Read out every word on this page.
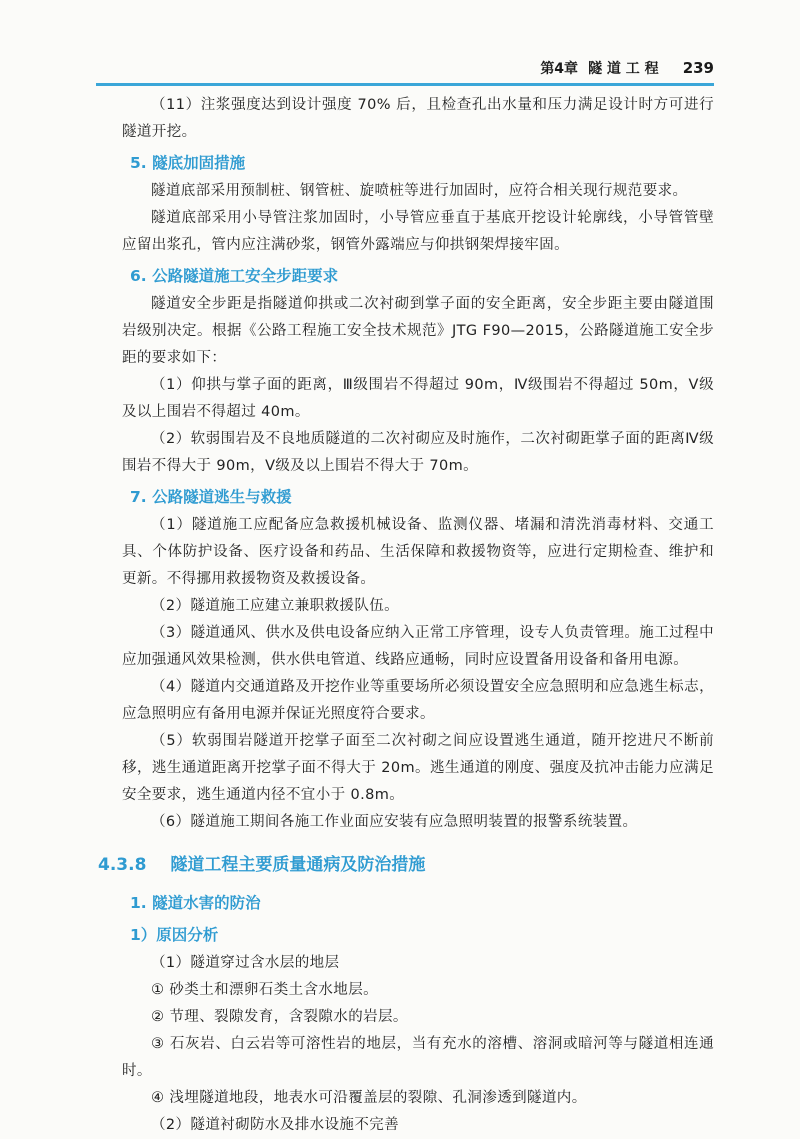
第4章 隧 道 工 程 239

（11）注浆强度达到设计强度 70% 后，且检查孔出水量和压力满足设计时方可进行隧道开挖。

5. 隧底加固措施

隧道底部采用预制桩、钢管桩、旋喷桩等进行加固时，应符合相关现行规范要求。

隧道底部采用小导管注浆加固时，小导管应垂直于基底开挖设计轮廓线，小导管管壁应留出浆孔，管内应注满砂浆，钢管外露端应与仰拱钢架焊接牢固。

6. 公路隧道施工安全步距要求

隧道安全步距是指隧道仰拱或二次衬砌到掌子面的安全距离，安全步距主要由隧道围岩级别决定。根据《公路工程施工安全技术规范》JTG F90—2015，公路隧道施工安全步距的要求如下：

（1）仰拱与掌子面的距离，Ⅲ级围岩不得超过 90m，Ⅳ级围岩不得超过 50m，Ⅴ级及以上围岩不得超过 40m。

（2）软弱围岩及不良地质隧道的二次衬砌应及时施作，二次衬砌距掌子面的距离Ⅳ级围岩不得大于 90m，Ⅴ级及以上围岩不得大于 70m。

7. 公路隧道逃生与救援

（1）隧道施工应配备应急救援机械设备、监测仪器、堵漏和清洗消毒材料、交通工具、个体防护设备、医疗设备和药品、生活保障和救援物资等，应进行定期检查、维护和更新。不得挪用救援物资及救援设备。

（2）隧道施工应建立兼职救援队伍。

（3）隧道通风、供水及供电设备应纳入正常工序管理，设专人负责管理。施工过程中应加强通风效果检测，供水供电管道、线路应通畅，同时应设置备用设备和备用电源。

（4）隧道内交通道路及开挖作业等重要场所必须设置安全应急照明和应急逃生标志，应急照明应有备用电源并保证光照度符合要求。

（5）软弱围岩隧道开挖掌子面至二次衬砌之间应设置逃生通道，随开挖进尺不断前移，逃生通道距离开挖掌子面不得大于 20m。逃生通道的刚度、强度及抗冲击能力应满足安全要求，逃生通道内径不宜小于 0.8m。

（6）隧道施工期间各施工作业面应安装有应急照明装置的报警系统装置。

4.3.8 隧道工程主要质量通病及防治措施
1. 隧道水害的防治
1）原因分析

（1）隧道穿过含水层的地层

① 砂类土和漂卵石类土含水地层。

② 节理、裂隙发育，含裂隙水的岩层。

③ 石灰岩、白云岩等可溶性岩的地层，当有充水的溶槽、溶洞或暗河等与隧道相连通时。

④ 浅埋隧道地段，地表水可沿覆盖层的裂隙、孔洞渗透到隧道内。

（2）隧道衬砌防水及排水设施不完善
